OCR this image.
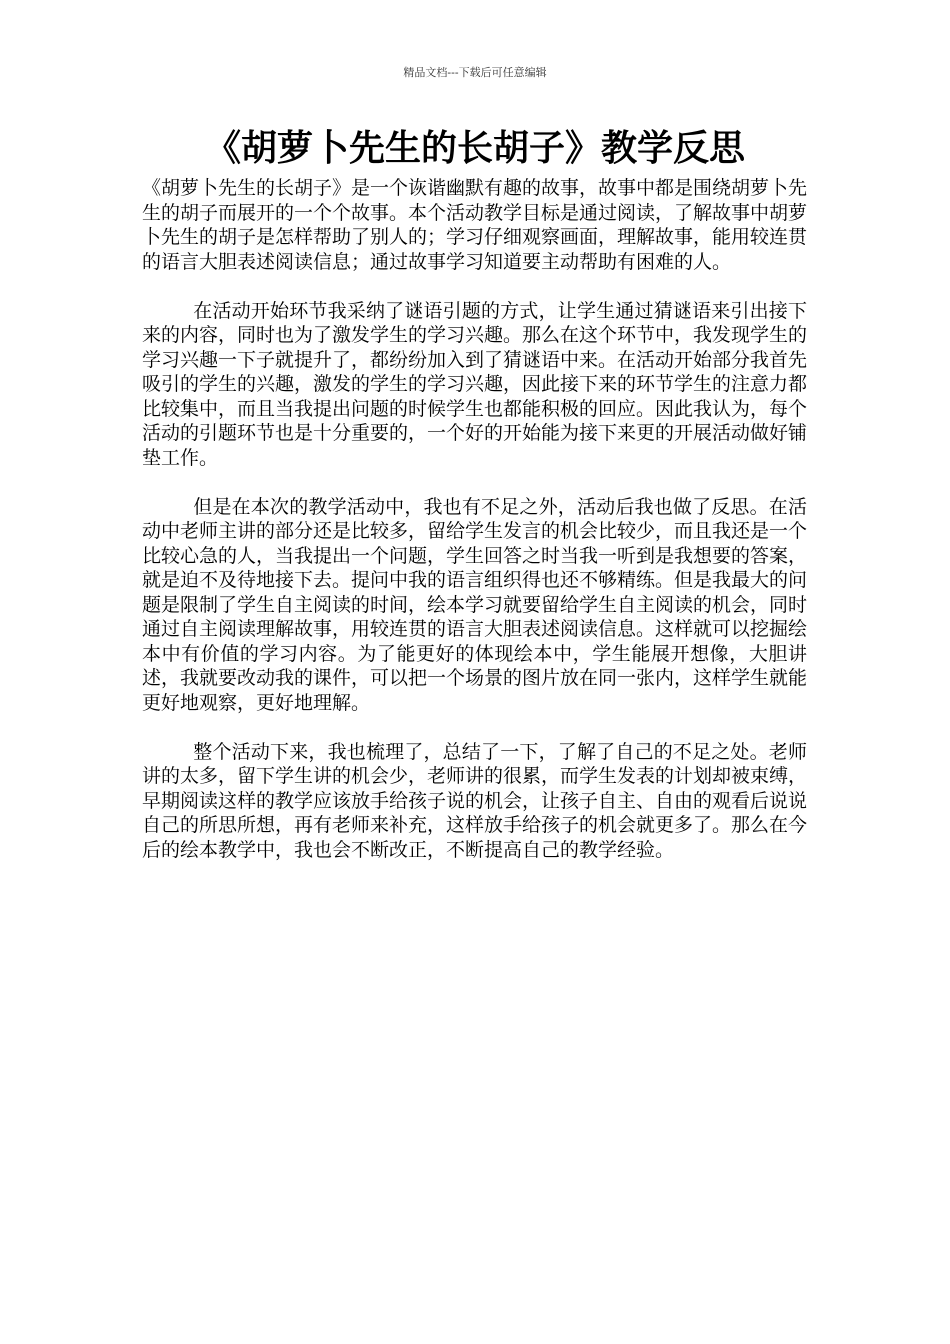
精品文档---下载后可任意编辑
《胡萝卜先生的长胡子》教学反思

《胡萝卜先生的长胡子》是一个诙谐幽默有趣的故事，故事中都是围绕胡萝卜先生的胡子而展开的一个个故事。本个活动教学目标是通过阅读，了解故事中胡萝卜先生的胡子是怎样帮助了别人的；学习仔细观察画面，理解故事，能用较连贯的语言大胆表述阅读信息；通过故事学习知道要主动帮助有困难的人。

在活动开始环节我采纳了谜语引题的方式，让学生通过猜谜语来引出接下来的内容，同时也为了激发学生的学习兴趣。那么在这个环节中，我发现学生的学习兴趣一下子就提升了，都纷纷加入到了猜谜语中来。在活动开始部分我首先吸引的学生的兴趣，激发的学生的学习兴趣，因此接下来的环节学生的注意力都比较集中，而且当我提出问题的时候学生也都能积极的回应。因此我认为，每个活动的引题环节也是十分重要的，一个好的开始能为接下来更的开展活动做好铺垫工作。

但是在本次的教学活动中，我也有不足之外，活动后我也做了反思。在活动中老师主讲的部分还是比较多，留给学生发言的机会比较少，而且我还是一个比较心急的人，当我提出一个问题，学生回答之时当我一听到是我想要的答案，就是迫不及待地接下去。提问中我的语言组织得也还不够精练。但是我最大的问题是限制了学生自主阅读的时间，绘本学习就要留给学生自主阅读的机会，同时通过自主阅读理解故事，用较连贯的语言大胆表述阅读信息。这样就可以挖掘绘本中有价值的学习内容。为了能更好的体现绘本中，学生能展开想像，大胆讲述，我就要改动我的课件，可以把一个场景的图片放在同一张内，这样学生就能更好地观察，更好地理解。

整个活动下来，我也梳理了，总结了一下，了解了自己的不足之处。老师讲的太多，留下学生讲的机会少，老师讲的很累，而学生发表的计划却被束缚，早期阅读这样的教学应该放手给孩子说的机会，让孩子自主、自由的观看后说说自己的所思所想，再有老师来补充，这样放手给孩子的机会就更多了。那么在今后的绘本教学中，我也会不断改正，不断提高自己的教学经验。
